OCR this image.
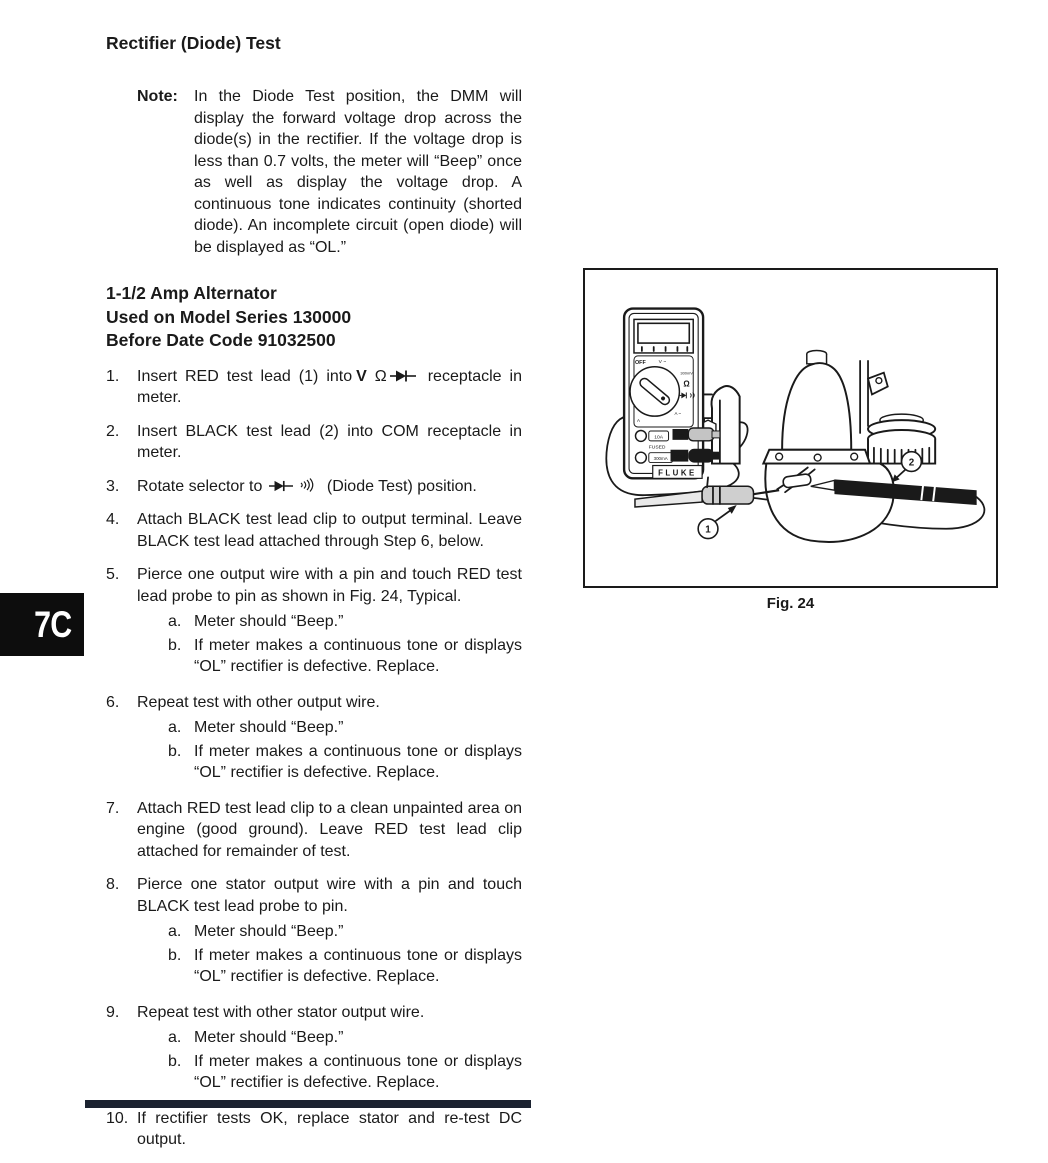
Rectifier (Diode) Test
Note:	In the Diode Test position, the DMM will display the forward voltage drop across the diode(s) in the rectifier. If the voltage drop is less than 0.7 volts, the meter will “Beep” once as well as display the voltage drop. A continuous tone indicates continuity (shorted diode). An incomplete circuit (open diode) will be displayed as “OL.”

1-1/2 Amp Alternator
Used on Model Series 130000
Before Date Code 91032500
1.	Insert RED test lead (1) into V Ω	receptacle in meter.

2.	Insert BLACK test lead (2) into COM receptacle in meter.

3.	Rotate selector to	(Diode Test) position.

4.	Attach BLACK test lead clip to output terminal. Leave BLACK test lead attached through Step 6, below.

5.	Pierce one output wire with a pin and touch RED test lead probe to pin as shown in Fig. 24, Typical.

a. Meter should “Beep.”

b. If meter makes a continuous tone or displays “OL” rectifier is defective. Replace.

6.	Repeat test with other output wire.

a. Meter should “Beep.”

b. If meter makes a continuous tone or displays “OL” rectifier is defective. Replace.

7.	Attach RED test lead clip to a clean unpainted area on engine (good ground). Leave RED test lead clip attached for remainder of test.

8.	Pierce one stator output wire with a pin and touch BLACK test lead probe to pin.

a. Meter should “Beep.”

b. If meter makes a continuous tone or displays “OL” rectifier is defective. Replace.

9.	Repeat test with other stator output wire.

a. Meter should “Beep.”

b. If meter makes a continuous tone or displays “OL” rectifier is defective. Replace.

10. If rectifier tests OK, replace stator and re-test DC output.

OFF	V ~
300mV
Ω
A ~
A
10A
FUSED
300mA
VΩ
COM
FLUKE
1
2
Fig. 24
7C
